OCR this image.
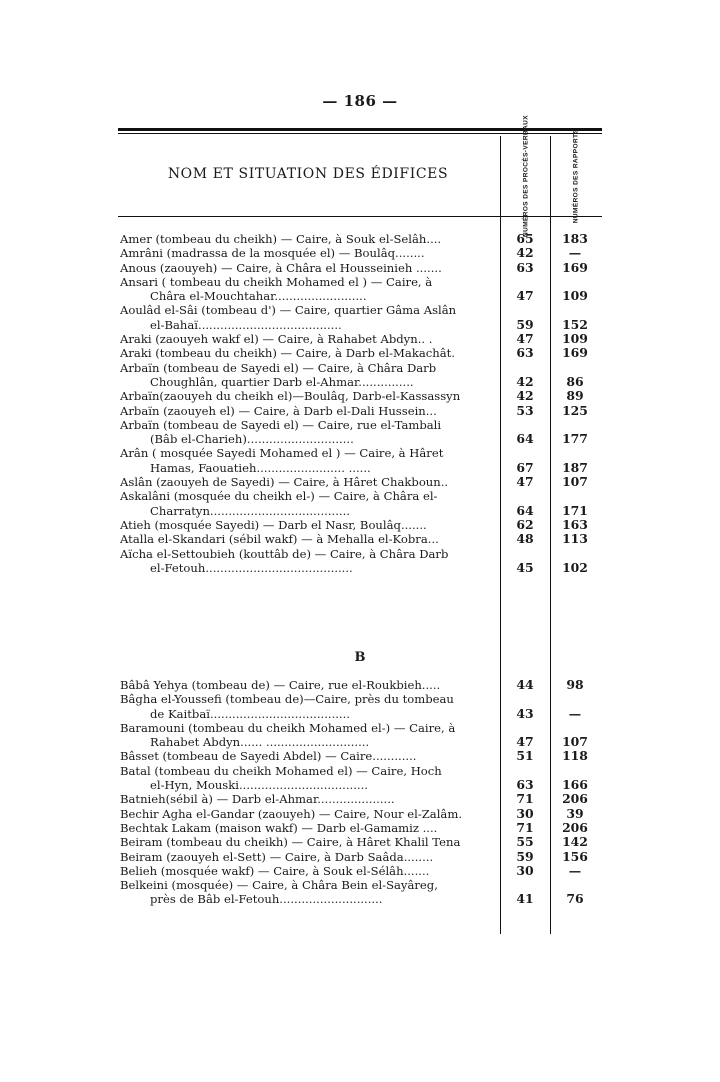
— 186 —
NOM ET SITUATION DES ÉDIFICES	NUMÉROS DES PROCÈS-VERBAUX	NUMÉROS DES RAPPORTS
Amer (tombeau du cheikh) — Caire, à Souk el-Selâh....	65	183
Amrâni (madrassa de la mosquée el) — Boulâq........	42	—
Anous (zaouyeh) — Caire, à Châra el Housseinieh .......	63	169
Ansari ( tombeau du cheikh Mohamed el ) — Caire, à
Châra el-Mouchtahar.........................	47	109
Aoulâd el-Sâi (tombeau d') — Caire, quartier Gâma Aslân
el-Bahaï.......................................	59	152
Araki (zaouyeh wakf el) — Caire, à Rahabet Abdyn.. .	47	109
Araki (tombeau du cheikh) — Caire, à Darb el-Makachât.	63	169
Arbaïn (tombeau de Sayedi el) — Caire, à Châra Darb
Choughlân, quartier Darb el-Ahmar...............	42	86
Arbaïn(zaouyeh du cheikh el)—Boulâq, Darb-el-Kassassyn	42	89
Arbaïn (zaouyeh el) — Caire, à Darb el-Dali Hussein...	53	125
Arbaïn (tombeau de Sayedi el) — Caire, rue el-Tambali
(Bâb el-Charieh).............................	64	177
Arân ( mosquée Sayedi Mohamed el ) — Caire, à Hâret
Hamas, Faouatieh........................ ......	67	187
Aslân (zaouyeh de Sayedi) — Caire, à Hâret Chakboun..	47	107
Askalâni (mosquée du cheikh el-) — Caire, à Châra el-
Charratyn......................................	64	171
Atieh (mosquée Sayedi) — Darb el Nasr, Boulâq.......	62	163
Atalla el-Skandari (sébil wakf) — à Mehalla el-Kobra...	48	113
Aïcha el-Settoubieh (kouttâb de) — Caire, à Châra Darb
el-Fetouh........................................	45	102
B
Bâbâ Yehya (tombeau de) — Caire, rue el-Roukbieh.....	44	98
Bâgha el-Youssefi (tombeau de)—Caire, près du tombeau
de Kaitbaï......................................	43	—
Baramouni (tombeau du cheikh Mohamed el-) — Caire, à
Rahabet Abdyn...... ............................	47	107
Bâsset (tombeau de Sayedi Abdel) — Caire............	51	118
Batal (tombeau du cheikh Mohamed el) — Caire, Hoch
el-Hyn, Mouski...................................	63	166
Batnieh(sébil à) — Darb el-Ahmar.....................	71	206
Bechir Agha el-Gandar (zaouyeh) — Caire, Nour el-Zalâm.	30	39
Bechtak Lakam (maison wakf) — Darb el-Gamamiz ....	71	206
Beiram (tombeau du cheikh) — Caire, à Hâret Khalil Tena	55	142
Beiram (zaouyeh el-Sett) — Caire, à Darb Saâda........	59	156
Belieh (mosquée wakf) — Caire, à Souk el-Sélâh.......	30	—
Belkeini (mosquée) — Caire, à Châra Bein el-Sayâreg,
près de Bâb el-Fetouh............................	41	76
